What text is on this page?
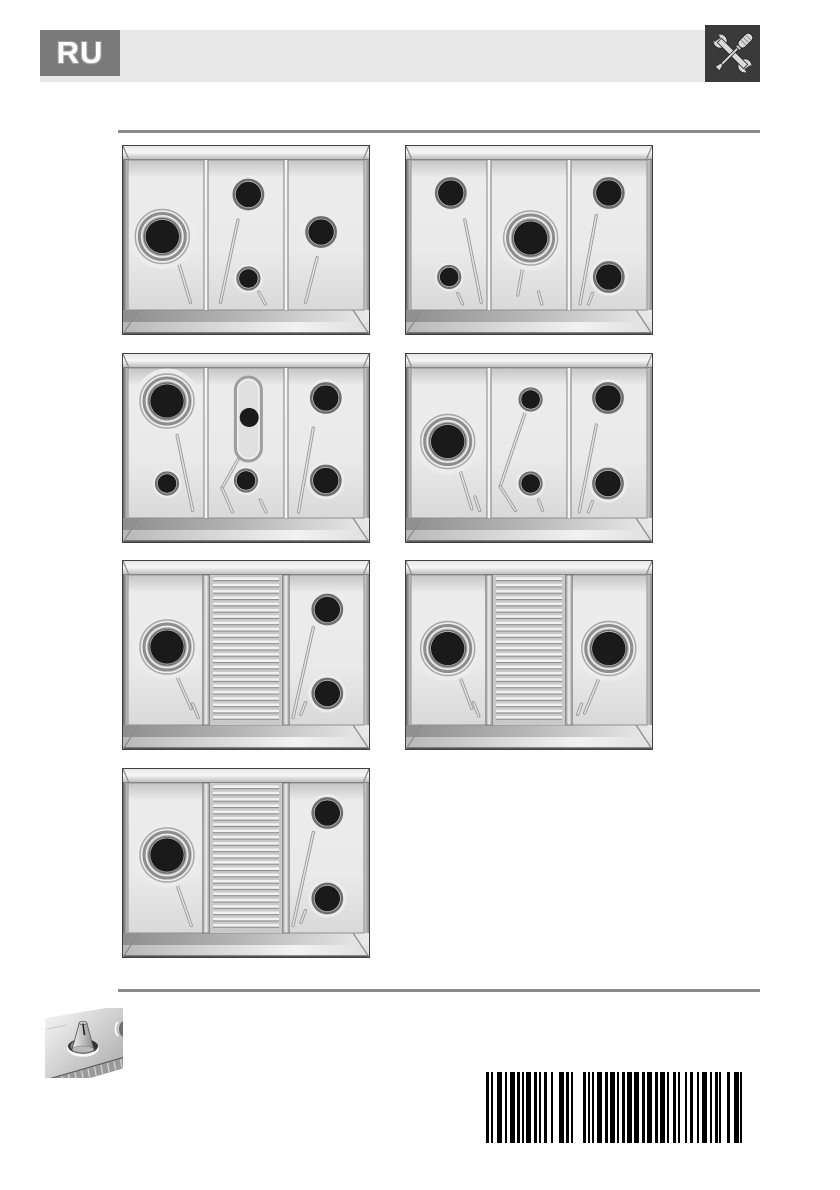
RU
